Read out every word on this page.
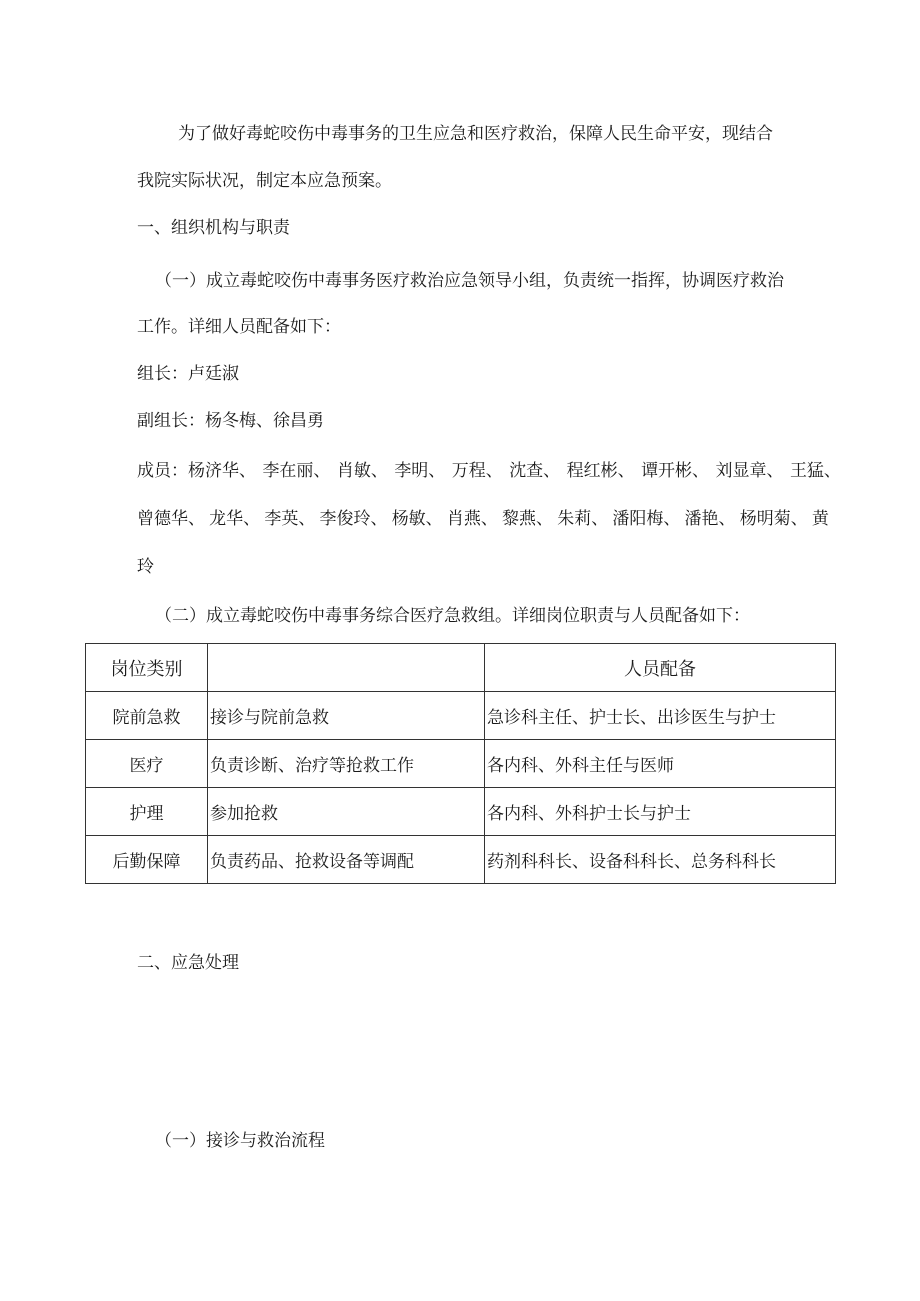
为了做好毒蛇咬伤中毒事务的卫生应急和医疗救治，保障人民生命平安，现结合

我院实际状况，制定本应急预案。

一、组织机构与职责

（一）成立毒蛇咬伤中毒事务医疗救治应急领导小组，负责统一指挥，协调医疗救治

工作。详细人员配备如下：

组长：卢廷淑

副组长：杨冬梅、徐昌勇

成员：杨济华、 李在丽、 肖敏、 李明、 万程、 沈查、 程红彬、 谭开彬、 刘显章、 王猛、
曾德华、 龙华、 李英、 李俊玲、 杨敏、 肖燕、 黎燕、 朱莉、 潘阳梅、 潘艳、 杨明菊、 黄

玲

（二）成立毒蛇咬伤中毒事务综合医疗急救组。详细岗位职责与人员配备如下：

岗位类别		人员配备
院前急救	接诊与院前急救	急诊科主任、护士长、出诊医生与护士
医疗	负责诊断、治疗等抢救工作	各内科、外科主任与医师
护理	参加抢救	各内科、外科护士长与护士
后勤保障	负责药品、抢救设备等调配	药剂科科长、设备科科长、总务科科长

二、应急处理

（一）接诊与救治流程
